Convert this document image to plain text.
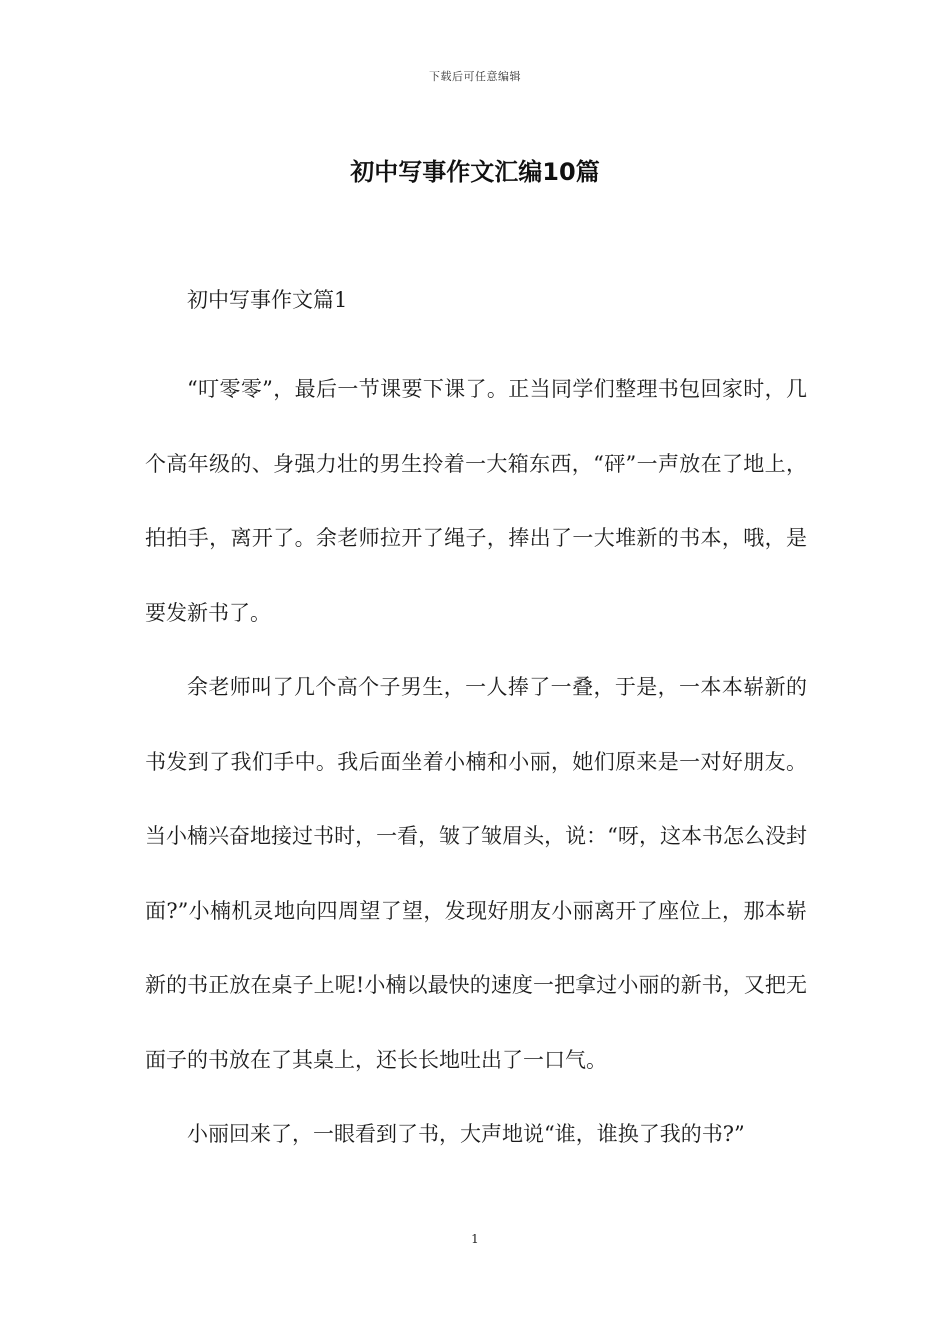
下载后可任意编辑
初中写事作文汇编10篇

初中写事作文篇1

“叮零零”，最后一节课要下课了。正当同学们整理书包回家时，几个高年级的、身强力壮的男生拎着一大箱东西，“砰”一声放在了地上，拍拍手，离开了。余老师拉开了绳子，捧出了一大堆新的书本，哦，是要发新书了。

余老师叫了几个高个子男生，一人捧了一叠，于是，一本本崭新的书发到了我们手中。我后面坐着小楠和小丽，她们原来是一对好朋友。当小楠兴奋地接过书时，一看，皱了皱眉头，说：“呀，这本书怎么没封面?”小楠机灵地向四周望了望，发现好朋友小丽离开了座位上，那本崭新的书正放在桌子上呢!小楠以最快的速度一把拿过小丽的新书，又把无面子的书放在了其桌上，还长长地吐出了一口气。

小丽回来了，一眼看到了书，大声地说“谁，谁换了我的书?”

1
